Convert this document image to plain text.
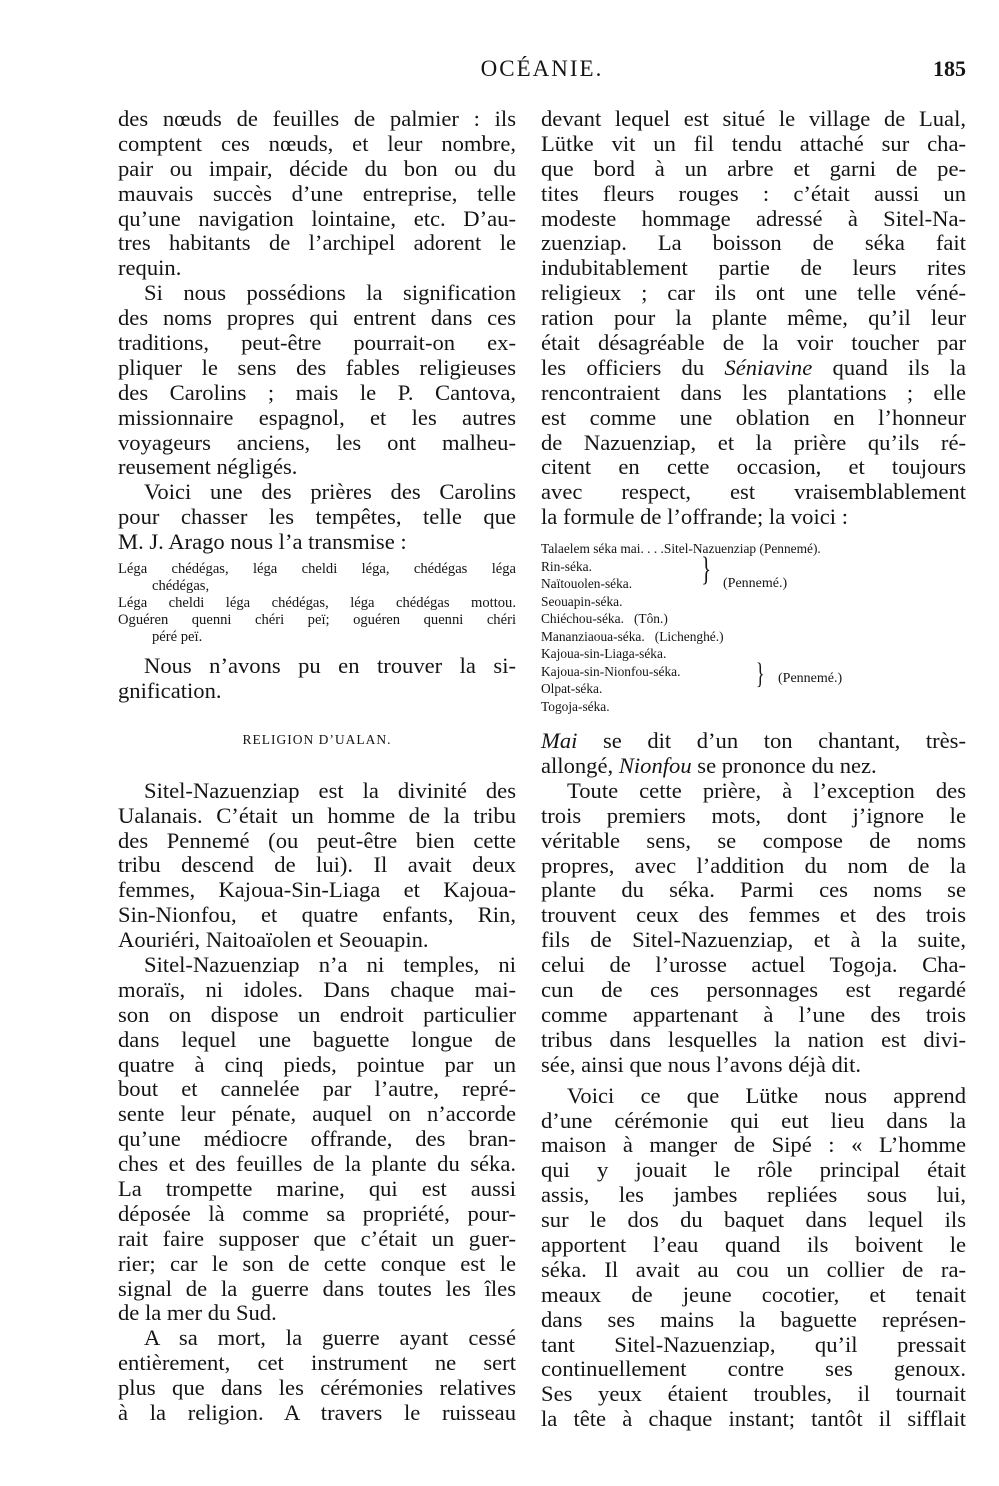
OCÉANIE.	185
des nœuds de feuilles de palmier : ils
comptent ces nœuds, et leur nombre,
pair ou impair, décide du bon ou du
mauvais succès d’une entreprise, telle
qu’une navigation lointaine, etc. D’au-
tres habitants de l’archipel adorent le
requin.
Si nous possédions la signification
des noms propres qui entrent dans ces
traditions, peut-être pourrait-on ex-
pliquer le sens des fables religieuses
des Carolins ; mais le P. Cantova,
missionnaire espagnol, et les autres
voyageurs anciens, les ont malheu-
reusement négligés.
Voici une des prières des Carolins
pour chasser les tempêtes, telle que
M. J. Arago nous l’a transmise :
Léga chédégas, léga cheldi léga, chédégas léga
chédégas,
Léga cheldi léga chédégas, léga chédégas mottou.
Oguéren quenni chéri peï; oguéren quenni chéri
péré peï.
Nous n’avons pu en trouver la si-
gnification.
RELIGION D’UALAN.
Sitel-Nazuenziap est la divinité des
Ualanais. C’était un homme de la tribu
des Pennemé (ou peut-être bien cette
tribu descend de lui). Il avait deux
femmes, Kajoua-Sin-Liaga et Kajoua-
Sin-Nionfou, et quatre enfants, Rin,
Aouriéri, Naitoaïolen et Seouapin.
Sitel-Nazuenziap n’a ni temples, ni
moraïs, ni idoles. Dans chaque mai-
son on dispose un endroit particulier
dans lequel une baguette longue de
quatre à cinq pieds, pointue par un
bout et cannelée par l’autre, repré-
sente leur pénate, auquel on n’accorde
qu’une médiocre offrande, des bran-
ches et des feuilles de la plante du séka.
La trompette marine, qui est aussi
déposée là comme sa propriété, pour-
rait faire supposer que c’était un guer-
rier; car le son de cette conque est le
signal de la guerre dans toutes les îles
de la mer du Sud.
A sa mort, la guerre ayant cessé
entièrement, cet instrument ne sert
plus que dans les cérémonies relatives
à la religion. A travers le ruisseau
devant lequel est situé le village de Lual,
Lütke vit un fil tendu attaché sur cha-
que bord à un arbre et garni de pe-
tites fleurs rouges : c’était aussi un
modeste hommage adressé à Sitel-Na-
zuenziap. La boisson de séka fait
indubitablement partie de leurs rites
religieux ; car ils ont une telle véné-
ration pour la plante même, qu’il leur
était désagréable de la voir toucher par
les officiers du Séniavine quand ils la
rencontraient dans les plantations ; elle
est comme une oblation en l’honneur
de Nazuenziap, et la prière qu’ils ré-
citent en cette occasion, et toujours
avec respect, est vraisemblablement
la formule de l’offrande; la voici :
Talaelem séka mai. . . .Sitel-Nazuenziap (Pennemé).
Rin-séka.
Naïtouolen-séka.
Seouapin-séka.
} (Pennemé.)
Chiéchou-séka. (Tôn.)
Mananziaoua-séka. (Lichenghé.)
Kajoua-sin-Liaga-séka.
Kajoua-sin-Nionfou-séka.	} (Pennemé.)
Olpat-séka.
Togoja-séka.
Mai se dit d’un ton chantant, très-
allongé, Nionfou se prononce du nez.
Toute cette prière, à l’exception des
trois premiers mots, dont j’ignore le
véritable sens, se compose de noms
propres, avec l’addition du nom de la
plante du séka. Parmi ces noms se
trouvent ceux des femmes et des trois
fils de Sitel-Nazuenziap, et à la suite,
celui de l’urosse actuel Togoja. Cha-
cun de ces personnages est regardé
comme appartenant à l’une des trois
tribus dans lesquelles la nation est divi-
sée, ainsi que nous l’avons déjà dit.
Voici ce que Lütke nous apprend
d’une cérémonie qui eut lieu dans la
maison à manger de Sipé : « L’homme
qui y jouait le rôle principal était
assis, les jambes repliées sous lui,
sur le dos du baquet dans lequel ils
apportent l’eau quand ils boivent le
séka. Il avait au cou un collier de ra-
meaux de jeune cocotier, et tenait
dans ses mains la baguette représen-
tant Sitel-Nazuenziap, qu’il pressait
continuellement contre ses genoux.
Ses yeux étaient troubles, il tournait
la tête à chaque instant; tantôt il sifflait
